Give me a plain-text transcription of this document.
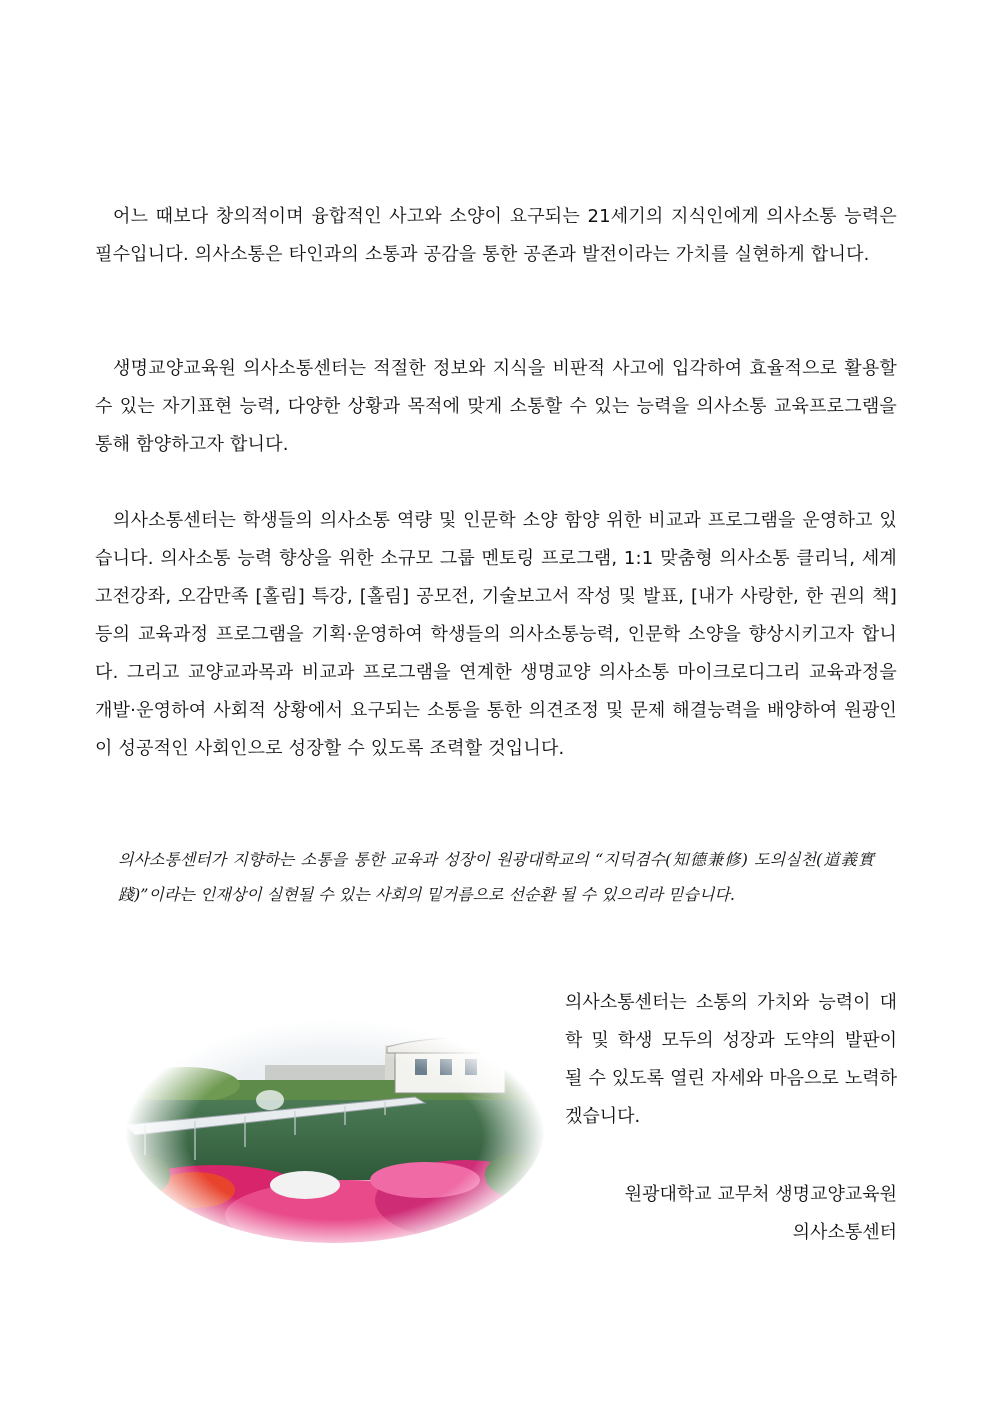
어느 때보다 창의적이며 융합적인 사고와 소양이 요구되는 21세기의 지식인에게 의사소통 능력은 필수입니다. 의사소통은 타인과의 소통과 공감을 통한 공존과 발전이라는 가치를 실현하게 합니다.

생명교양교육원 의사소통센터는 적절한 정보와 지식을 비판적 사고에 입각하여 효율적으로 활용할 수 있는 자기표현 능력, 다양한 상황과 목적에 맞게 소통할 수 있는 능력을 의사소통 교육프로그램을 통해 함양하고자 합니다.

의사소통센터는 학생들의 의사소통 역량 및 인문학 소양 함양 위한 비교과 프로그램을 운영하고 있습니다. 의사소통 능력 향상을 위한 소규모 그룹 멘토링 프로그램, 1:1 맞춤형 의사소통 클리닉, 세계고전강좌, 오감만족 [홀림] 특강, [홀림] 공모전, 기술보고서 작성 및 발표, [내가 사랑한, 한 권의 책] 등의 교육과정 프로그램을 기획·운영하여 학생들의 의사소통능력, 인문학 소양을 향상시키고자 합니다. 그리고 교양교과목과 비교과 프로그램을 연계한 생명교양 의사소통 마이크로디그리 교육과정을 개발·운영하여 사회적 상황에서 요구되는 소통을 통한 의견조정 및 문제 해결능력을 배양하여 원광인이 성공적인 사회인으로 성장할 수 있도록 조력할 것입니다.

의사소통센터가 지향하는 소통을 통한 교육과 성장이 원광대학교의 “지덕겸수(知德兼修) 도의실천(道義實踐)”이라는 인재상이 실현될 수 있는 사회의 밑거름으로 선순환 될 수 있으리라 믿습니다.

의사소통센터는 소통의 가치와 능력이 대학 및 학생 모두의 성장과 도약의 발판이 될 수 있도록 열린 자세와 마음으로 노력하겠습니다.

원광대학교 교무처 생명교양교육원
의사소통센터
